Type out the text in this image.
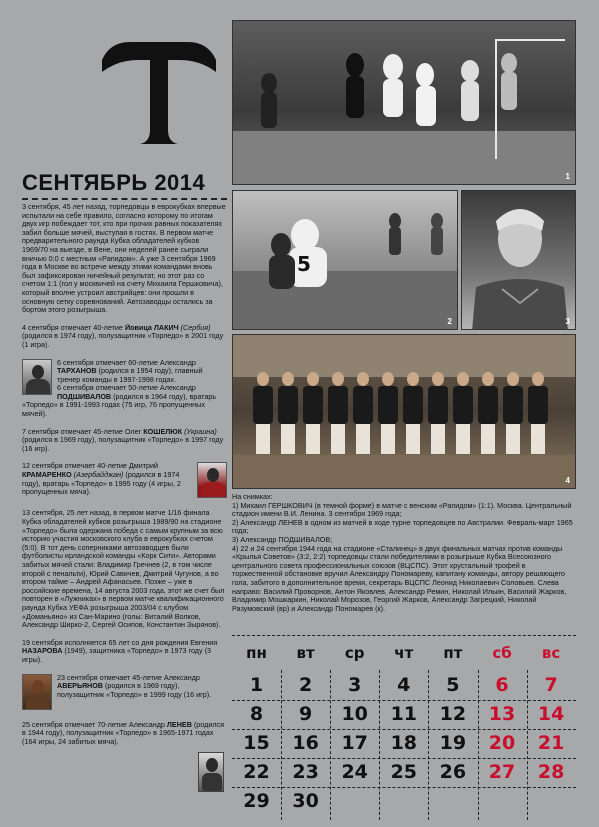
СЕНТЯБРЬ 2014

3 сентября, 45 лет назад, торпедовцы в еврокубках впервые испытали на себе правило, согласно которому по итогам двух игр побеждает тот, кто при прочих равных показателях забил больше мячей, выступая в гостях. В первом матче предварительного раунда Кубка обладателей кубков 1969/70 на выезде, в Вене, они неделей ранее сыграли вничью 0:0 с местным «Рапидом». А уже 3 сентября 1969 года в Москве во встрече между этими командами вновь был зафиксирован ничейный результат, но этот раз со счетом 1:1 (гол у москвичей на счету Михаила Гершковича), который вполне устроил австрийцев: они прошли в основную сетку соревнований. Автозаводцы остались за бортом этого розыгрыша.

4 сентября отмечает 40-летие Йовица ЛАКИЧ (Сербия) (родился в 1974 году), полузащитник «Торпедо» в 2001 году (1 игра).

6 сентября отмечает 60-летие Александр ТАРХАНОВ (родился в 1954 году), главный тренер команды в 1997-1998 годах.

6 сентября отмечает 50-летие Александр ПОДШИВАЛОВ (родился в 1964 году), вратарь «Торпедо» в 1991-1993 годах (75 игр, 76 пропущенных мячей).

7 сентября отмечает 45-летие Олег КОШЕЛЮК (Украина) (родился в 1969 году), полузащитник «Торпедо» в 1997 году (16 игр).

12 сентября отмечает 40-летие Дмитрий КРАМАРЕНКО (Азербайджан) (родился в 1974 году), вратарь «Торпедо» в 1995 году (4 игры, 2 пропущенных мяча).

13 сентября, 25 лет назад, в первом матче 1/16 финала Кубка обладателей кубков розыгрыша 1989/90 на стадионе «Торпедо» была одержана победа с самым крупным за всю историю участия московского клуба в еврокубках счетом (5:0). В тот день соперниками автозаводцев были футболисты ирландской команды «Корк Сити». Авторами забитых мячей стали: Владимир Гречнев (2, в том числе второй с пенальти), Юрий Савичев, Дмитрий Чугунов, а во втором тайме – Андрей Афанасьев. Позже – уже в российские времена, 14 августа 2003 года, этот же счет был повторен в «Лужниках» в первом матче квалификационного раунда Кубка УЕФА розыгрыша 2003/04 с клубом «Доманьяно» из Сан-Марино (голы: Виталий Волков, Александр Ширко-2, Сергей Осипов, Константин Зырянов).

19 сентября исполняется 65 лет со дня рождения Евгения НАЗАРОВА (1949), защитника «Торпедо» в 1973 году (3 игры).

23 сентября отмечает 45-летие Александр АВЕРЬЯНОВ (родился в 1969 году), полузащитник «Торпедо» в 1999 году (16 игр).

25 сентября отмечает 70-летие Александр ЛЕНЕВ (родился в 1944 году), полузащитник «Торпедо» в 1965-1971 годах (164 игры, 24 забитых мяча).

1
5
2	3
4

На снимках:

1) Михаил ГЕРШКОВИЧ (в темной форме) в матче с венским «Рапидом» (1:1). Москва. Центральный стадион имени В.И. Ленина. 3 сентября 1969 года;

2) Александр ЛЕНЕВ в одном из матчей в ходе турне торпедовцев по Австралии. Февраль-март 1965 года;

3) Александр ПОДШИВАЛОВ;

4) 22 и 24 сентября 1944 года на стадионе «Сталинец» в двух финальных матчах против команды «Крылья Советов» (3:2, 2:2) торпедовцы стали победителями в розыгрыше Кубка Всесоюзного центрального совета профессиональных союзов (ВЦСПС). Этот хрустальный трофей в торжественной обстановке вручил Александру Пономареву, капитану команды, автору решающего гола, забитого в дополнительное время, секретарь ВЦСПС Леонид Николаевич Соловьев. Слева направо: Василий Проворнов, Антон Яковлев, Александр Ремин, Николай Ильин, Василий Жарков, Владимир Мошкаркин, Николай Морозов, Георгий Жарков, Александр Загрецкий, Николай Разумовский (вр) и Александр Пономарев (к).

пн	вт	ср	чт	пт	сб	вс
1	2	3	4	5	6	7
8	9	10	11	12	13	14
15	16	17	18	19	20	21
22	23	24	25	26	27	28
29	30
